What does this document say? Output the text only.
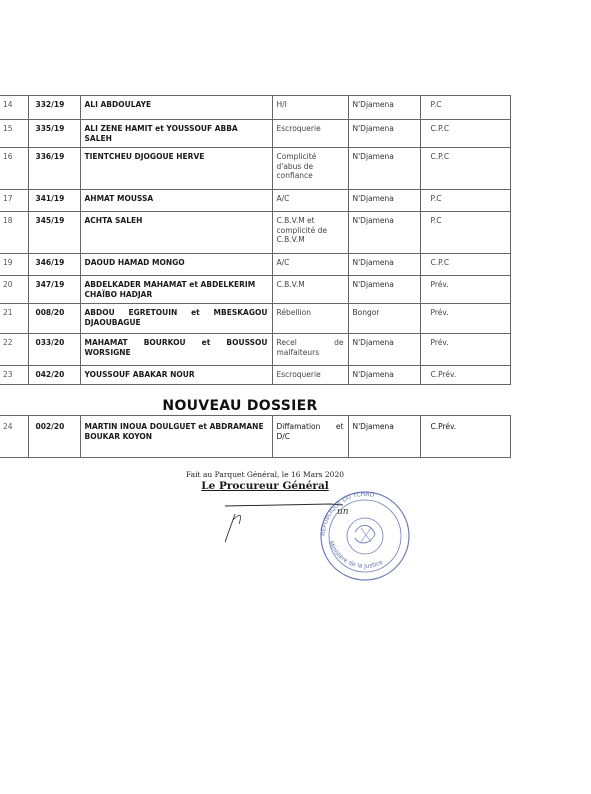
14	332/19	ALI ABDOULAYE	H/I	N'Djamena	P.C
15	335/19	ALI ZENE HAMIT et YOUSSOUF ABBA SALEH	Escroquerie	N'Djamena	C.P.C
16	336/19	TIENTCHEU DJOGOUE HERVE	Complicité d'abus de confiance	N'Djamena	C.P.C
17	341/19	AHMAT MOUSSA	A/C	N'Djamena	P.C
18	345/19	ACHTA SALEH	C.B.V.M et complicité de C.B.V.M	N'Djamena	P.C
19	346/19	DAOUD HAMAD MONGO	A/C	N'Djamena	C.P.C
20	347/19	ABDELKADER MAHAMAT et ABDELKERIM CHAÏBO HADJAR	C.B.V.M	N'Djamena	Prév.
21	008/20	ABDOU EGRETOUIN et MBESKAGOU DJAOUBAGUE	Rébellion	Bongor	Prév.
22	033/20	MAHAMAT BOURKOU et BOUSSOU WORSIGNE	Recel de malfaiteurs	N'Djamena	Prév.
23	042/20	YOUSSOUF ABAKAR NOUR	Escroquerie	N'Djamena	C.Prév.
NOUVEAU DOSSIER
24	002/20	MARTIN INOUA DOULGUET et ABDRAMANE BOUKAR KOYON	Diffamation et D/C	N'Djamena	C.Prév.
Fait au Parquet Général, le 16 Mars 2020
Le Procureur Général
RÉPUBLIQUE DU TCHAD
Ministère de la Justice
un
